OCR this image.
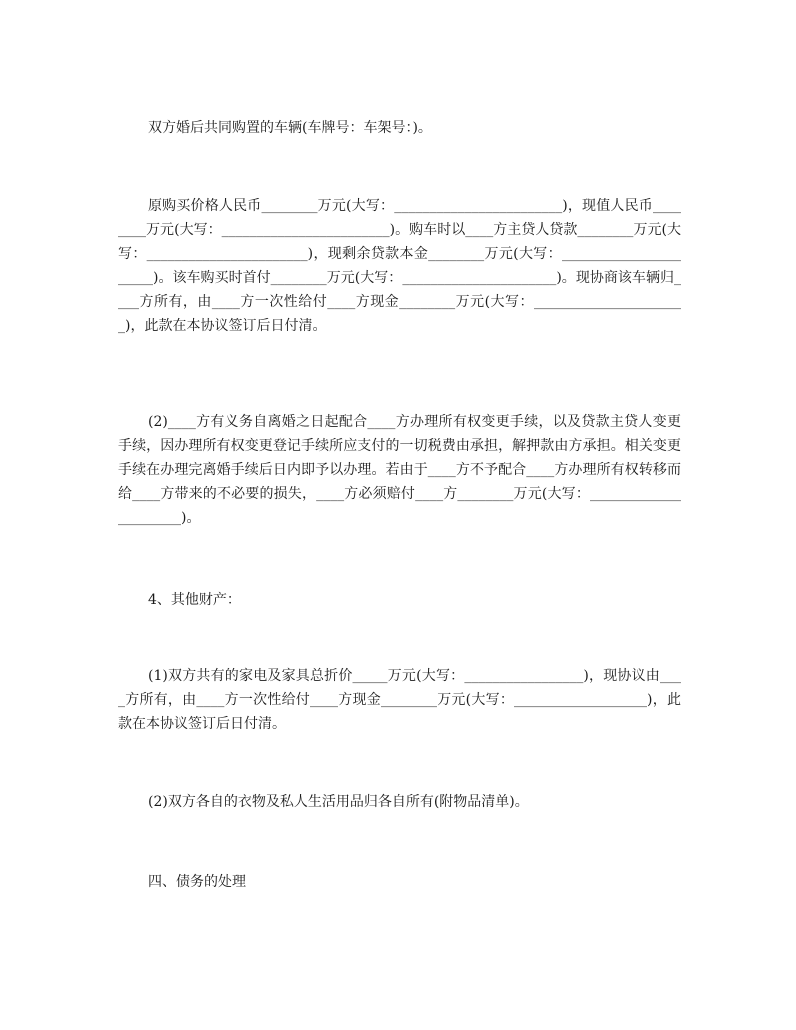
双方婚后共同购置的车辆(车牌号：车架号：)。

原购买价格人民币________万元(大写：________________________)，现值人民币________万元(大写：________________________)。购车时以____方主贷人贷款________万元(大写：_______________________)，现剩余贷款本金________万元(大写：______________________)。该车购买时首付________万元(大写：______________________)。现协商该车辆归____方所有，由____方一次性给付____方现金________万元(大写：______________________)，此款在本协议签订后日付清。

(2)____方有义务自离婚之日起配合____方办理所有权变更手续，以及贷款主贷人变更手续，因办理所有权变更登记手续所应支付的一切税费由承担，解押款由方承担。相关变更手续在办理完离婚手续后日内即予以办理。若由于____方不予配合____方办理所有权转移而给____方带来的不必要的损失，____方必须赔付____方________万元(大写：______________________)。

4、其他财产：

(1)双方共有的家电及家具总折价_____万元(大写：_________________)，现协议由____方所有，由____方一次性给付____方现金________万元(大写：___________________)，此款在本协议签订后日付清。

(2)双方各自的衣物及私人生活用品归各自所有(附物品清单)。

四、债务的处理
